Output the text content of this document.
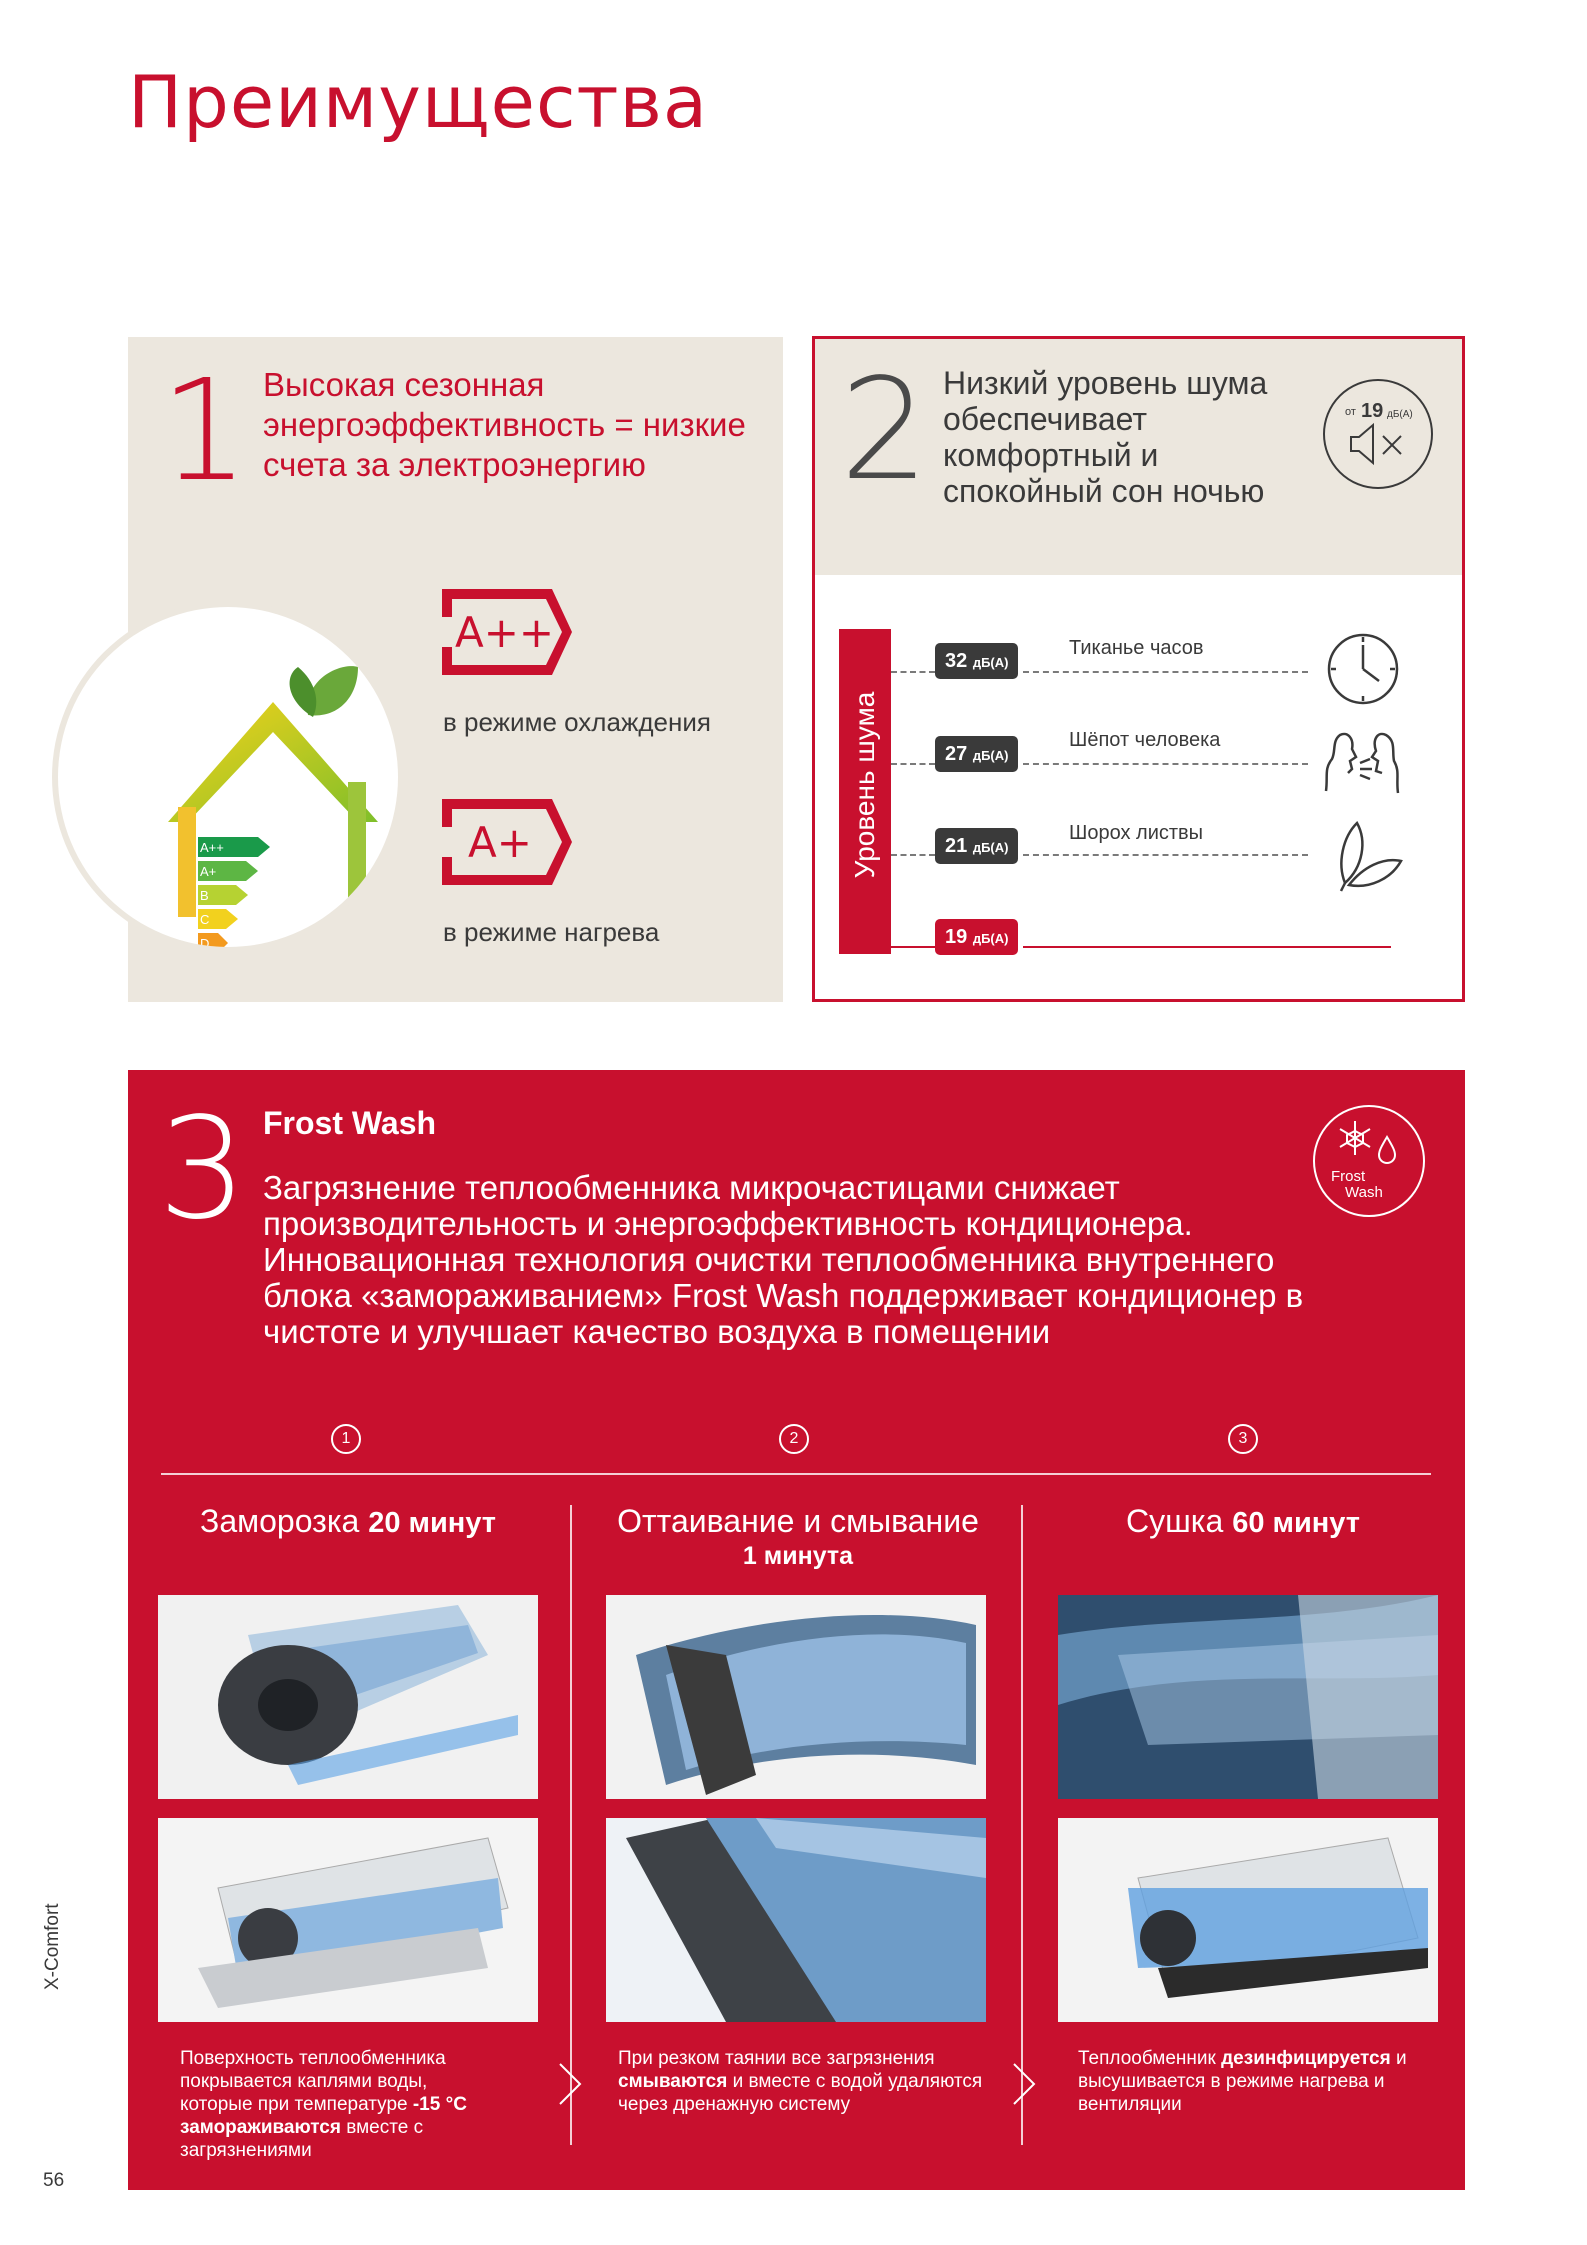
Преимущества
1 Высокая сезонная энергоэффективность = низкие счета за электроэнергию
A++
A+
B
C
D
A++
в режиме охлаждения
A+
в режиме нагрева
2 Низкий уровень шума обеспечивает комфортный и спокойный сон ночью
от 19 дБ(А)
Уровень шума
32 дБ(А)
Тиканье часов
27 дБ(А)
Шёпот человека
21 дБ(А)
Шорох листвы
19 дБ(А)
3 Frost Wash
Загрязнение теплообменника микрочастицами снижает производительность и энергоэффективность кондиционера. Инновационная технология очистки теплообменника внутреннего блока «замораживанием» Frost Wash поддерживает кондиционер в чистоте и улучшает качество воздуха в помещении
Frost
Wash
1	2	3
Заморозка 20 минут
Поверхность теплообменника покрывается каплями воды, которые при температуре -15 °C замораживаются вместе с загрязнениями
Оттаивание и смывание
1 минута
При резком таянии все загрязнения смываются и вместе с водой удаляются через дренажную систему
Сушка 60 минут
Теплообменник дезинфицируется и высушивается в режиме нагрева и вентиляции
X-Comfort
56
